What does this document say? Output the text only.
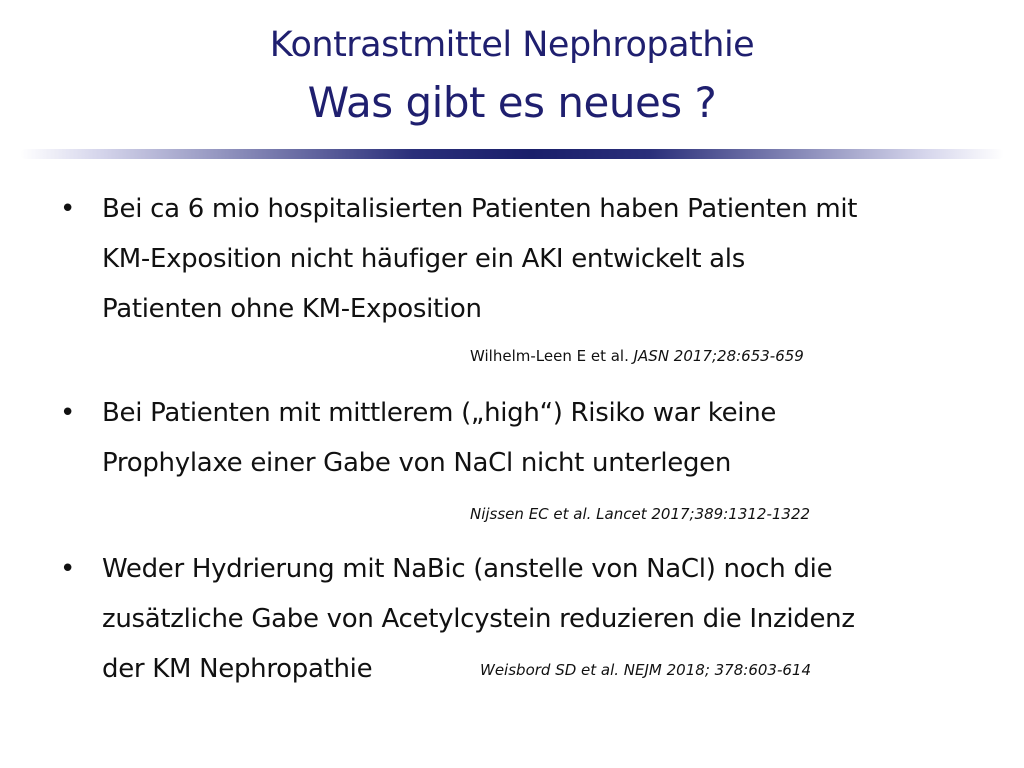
Kontrastmittel Nephropathie
Was gibt es neues ?
• Bei ca 6 mio hospitalisierten Patienten haben Patienten mit
KM-Exposition nicht häufiger ein AKI entwickelt als
Patienten ohne KM-Exposition
Wilhelm-Leen E et al. JASN 2017;28:653-659
• Bei Patienten mit mittlerem („high“) Risiko war keine
Prophylaxe einer Gabe von NaCl nicht unterlegen
Nijssen EC et al. Lancet 2017;389:1312-1322
• Weder Hydrierung mit NaBic (anstelle von NaCl) noch die
zusätzliche Gabe von Acetylcystein reduzieren die Inzidenz
der KM Nephropathie	Weisbord SD et al. NEJM 2018; 378:603-614
